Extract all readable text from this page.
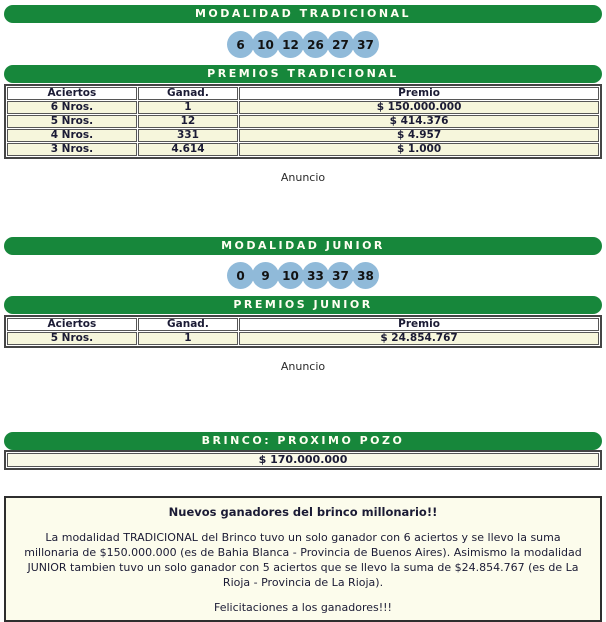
MODALIDAD TRADICIONAL
6	10 12 26 27 37
PREMIOS TRADICIONAL
Aciertos	Ganad.	Premio
6 Nros.	1	$ 150.000.000
5 Nros.	12	$ 414.376
4 Nros.	331	$ 4.957
3 Nros.	4.614	$ 1.000
Anuncio
MODALIDAD JUNIOR
0	9	10 33 37 38
PREMIOS JUNIOR
Aciertos	Ganad.	Premio
5 Nros.	1	$ 24.854.767
Anuncio
BRINCO: PROXIMO POZO
$ 170.000.000
Nuevos ganadores del brinco millonario!!
La modalidad TRADICIONAL del Brinco tuvo un solo ganador con 6 aciertos y se llevo la suma millonaria de $150.000.000 (es de Bahia Blanca - Provincia de Buenos Aires). Asimismo la modalidad JUNIOR tambien tuvo un solo ganador con 5 aciertos que se llevo la suma de $24.854.767 (es de La Rioja - Provincia de La Rioja).
Felicitaciones a los ganadores!!!
